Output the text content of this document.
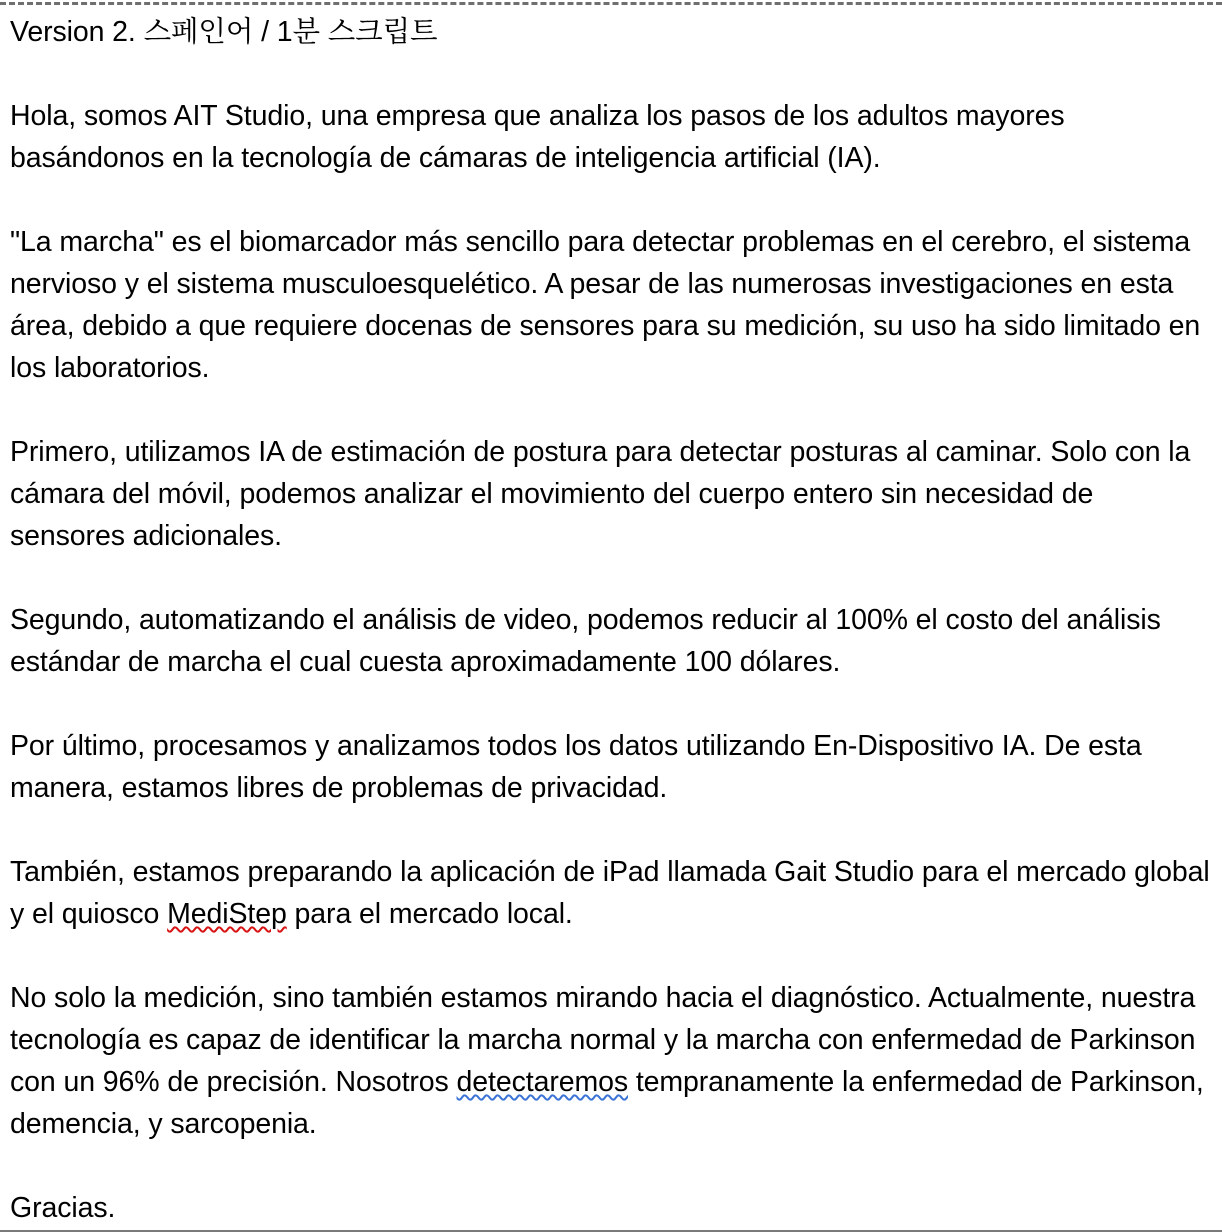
Version 2. 스페인어 / 1분 스크립트

Hola, somos AIT Studio, una empresa que analiza los pasos de los adultos mayores basándonos en la tecnología de cámaras de inteligencia artificial (IA).

"La marcha" es el biomarcador más sencillo para detectar problemas en el cerebro, el sistema nervioso y el sistema musculoesquelético. A pesar de las numerosas investigaciones en esta área, debido a que requiere docenas de sensores para su medición, su uso ha sido limitado en los laboratorios.

Primero, utilizamos IA de estimación de postura para detectar posturas al caminar. Solo con la cámara del móvil, podemos analizar el movimiento del cuerpo entero sin necesidad de sensores adicionales.

Segundo, automatizando el análisis de video, podemos reducir al 100% el costo del análisis estándar de marcha el cual cuesta aproximadamente 100 dólares.

Por último, procesamos y analizamos todos los datos utilizando En-Dispositivo IA. De esta manera, estamos libres de problemas de privacidad.

También, estamos preparando la aplicación de iPad llamada Gait Studio para el mercado global y el quiosco MediStep para el mercado local.

No solo la medición, sino también estamos mirando hacia el diagnóstico. Actualmente, nuestra tecnología es capaz de identificar la marcha normal y la marcha con enfermedad de Parkinson con un 96% de precisión. Nosotros detectaremos tempranamente la enfermedad de Parkinson, demencia, y sarcopenia.

Gracias.
